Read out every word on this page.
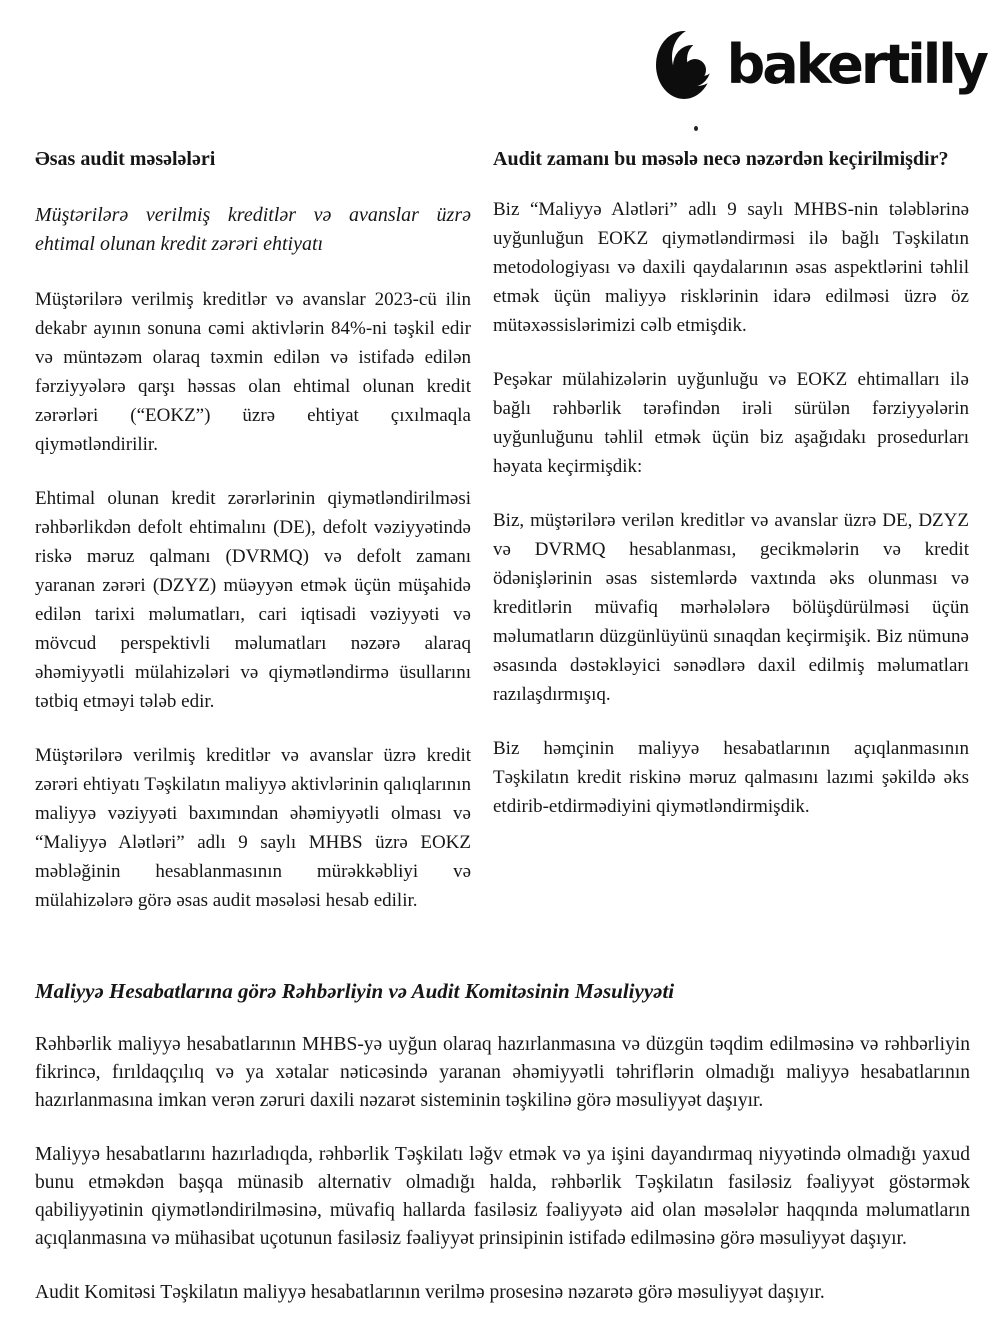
bakertilly
Əsas audit məsələləri

Müştərilərə verilmiş kreditlər və avanslar üzrə ehtimal olunan kredit zərəri ehtiyatı

Müştərilərə verilmiş kreditlər və avanslar 2023-cü ilin dekabr ayının sonuna cəmi aktivlərin 84%-ni təşkil edir və müntəzəm olaraq təxmin edilən və istifadə edilən fərziyyələrə qarşı həssas olan ehtimal olunan kredit zərərləri (“EOKZ”) üzrə ehtiyat çıxılmaqla qiymətləndirilir.

Ehtimal olunan kredit zərərlərinin qiymətləndirilməsi rəhbərlikdən defolt ehtimalını (DE), defolt vəziyyətində riskə məruz qalmanı (DVRMQ) və defolt zamanı yaranan zərəri (DZYZ) müəyyən etmək üçün müşahidə edilən tarixi məlumatları, cari iqtisadi vəziyyəti və mövcud perspektivli məlumatları nəzərə alaraq əhəmiyyətli mülahizələri və qiymətləndirmə üsullarını tətbiq etməyi tələb edir.

Müştərilərə verilmiş kreditlər və avanslar üzrə kredit zərəri ehtiyatı Təşkilatın maliyyə aktivlərinin qalıqlarının maliyyə vəziyyəti baxımından əhəmiyyətli olması və “Maliyyə Alətləri” adlı 9 saylı MHBS üzrə EOKZ məbləğinin hesablanmasının mürəkkəbliyi və mülahizələrə görə əsas audit məsələsi hesab edilir.

Audit zamanı bu məsələ necə nəzərdən keçirilmişdir?

Biz “Maliyyə Alətləri” adlı 9 saylı MHBS-nin tələblərinə uyğunluğun EOKZ qiymətləndirməsi ilə bağlı Təşkilatın metodologiyası və daxili qaydalarının əsas aspektlərini təhlil etmək üçün maliyyə risklərinin idarə edilməsi üzrə öz mütəxəssislərimizi cəlb etmişdik.

Peşəkar mülahizələrin uyğunluğu və EOKZ ehtimalları ilə bağlı rəhbərlik tərəfindən irəli sürülən fərziyyələrin uyğunluğunu təhlil etmək üçün biz aşağıdakı prosedurları həyata keçirmişdik:

Biz, müştərilərə verilən kreditlər və avanslar üzrə DE, DZYZ və DVRMQ hesablanması, gecikmələrin və kredit ödənişlərinin əsas sistemlərdə vaxtında əks olunması və kreditlərin müvafiq mərhələlərə bölüşdürülməsi üçün məlumatların düzgünlüyünü sınaqdan keçirmişik. Biz nümunə əsasında dəstəkləyici sənədlərə daxil edilmiş məlumatları razılaşdırmışıq.

Biz həmçinin maliyyə hesabatlarının açıqlanmasının Təşkilatın kredit riskinə məruz qalmasını lazımi şəkildə əks etdirib-etdirmədiyini qiymətləndirmişdik.

Maliyyə Hesabatlarına görə Rəhbərliyin və Audit Komitəsinin Məsuliyyəti

Rəhbərlik maliyyə hesabatlarının MHBS-yə uyğun olaraq hazırlanmasına və düzgün təqdim edilməsinə və rəhbərliyin fikrincə, fırıldaqçılıq və ya xətalar nəticəsində yaranan əhəmiyyətli təhriflərin olmadığı maliyyə hesabatlarının hazırlanmasına imkan verən zəruri daxili nəzarət sisteminin təşkilinə görə məsuliyyət daşıyır.

Maliyyə hesabatlarını hazırladıqda, rəhbərlik Təşkilatı ləğv etmək və ya işini dayandırmaq niyyətində olmadığı yaxud bunu etməkdən başqa münasib alternativ olmadığı halda, rəhbərlik Təşkilatın fasiləsiz fəaliyyət göstərmək qabiliyyətinin qiymətləndirilməsinə, müvafiq hallarda fasiləsiz fəaliyyətə aid olan məsələlər haqqında məlumatların açıqlanmasına və mühasibat uçotunun fasiləsiz fəaliyyət prinsipinin istifadə edilməsinə görə məsuliyyət daşıyır.

Audit Komitəsi Təşkilatın maliyyə hesabatlarının verilmə prosesinə nəzarətə görə məsuliyyət daşıyır.
